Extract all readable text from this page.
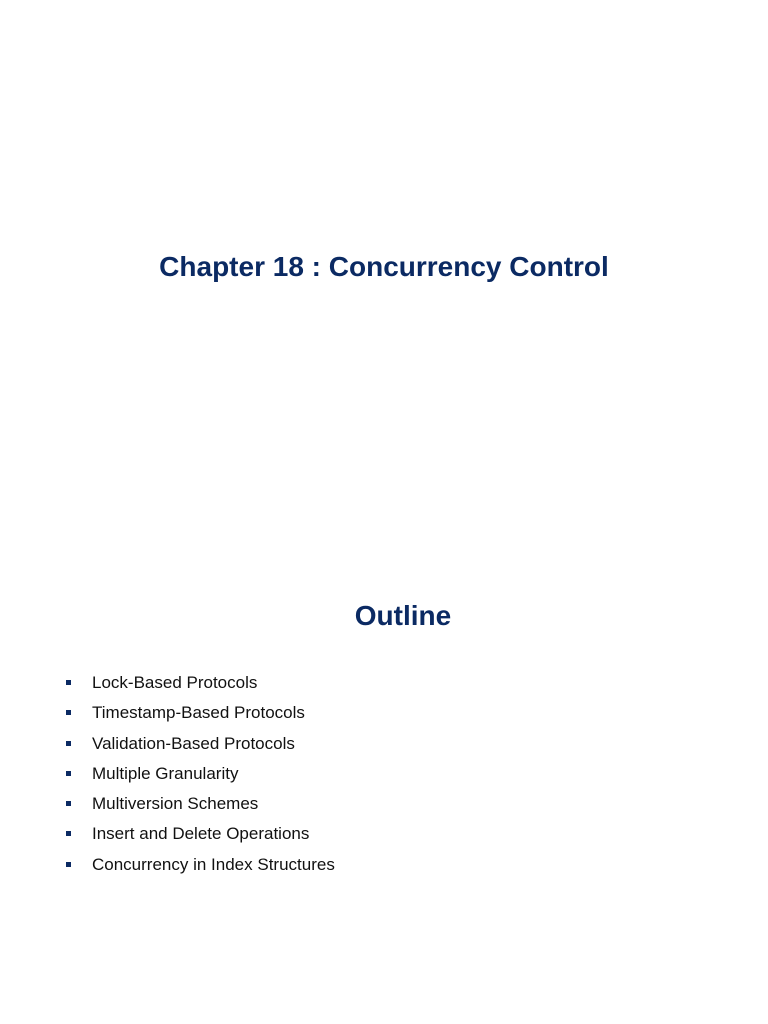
Chapter 18 : Concurrency Control
Outline
Lock-Based Protocols
Timestamp-Based Protocols
Validation-Based Protocols
Multiple Granularity
Multiversion Schemes
Insert and Delete Operations
Concurrency in Index Structures
